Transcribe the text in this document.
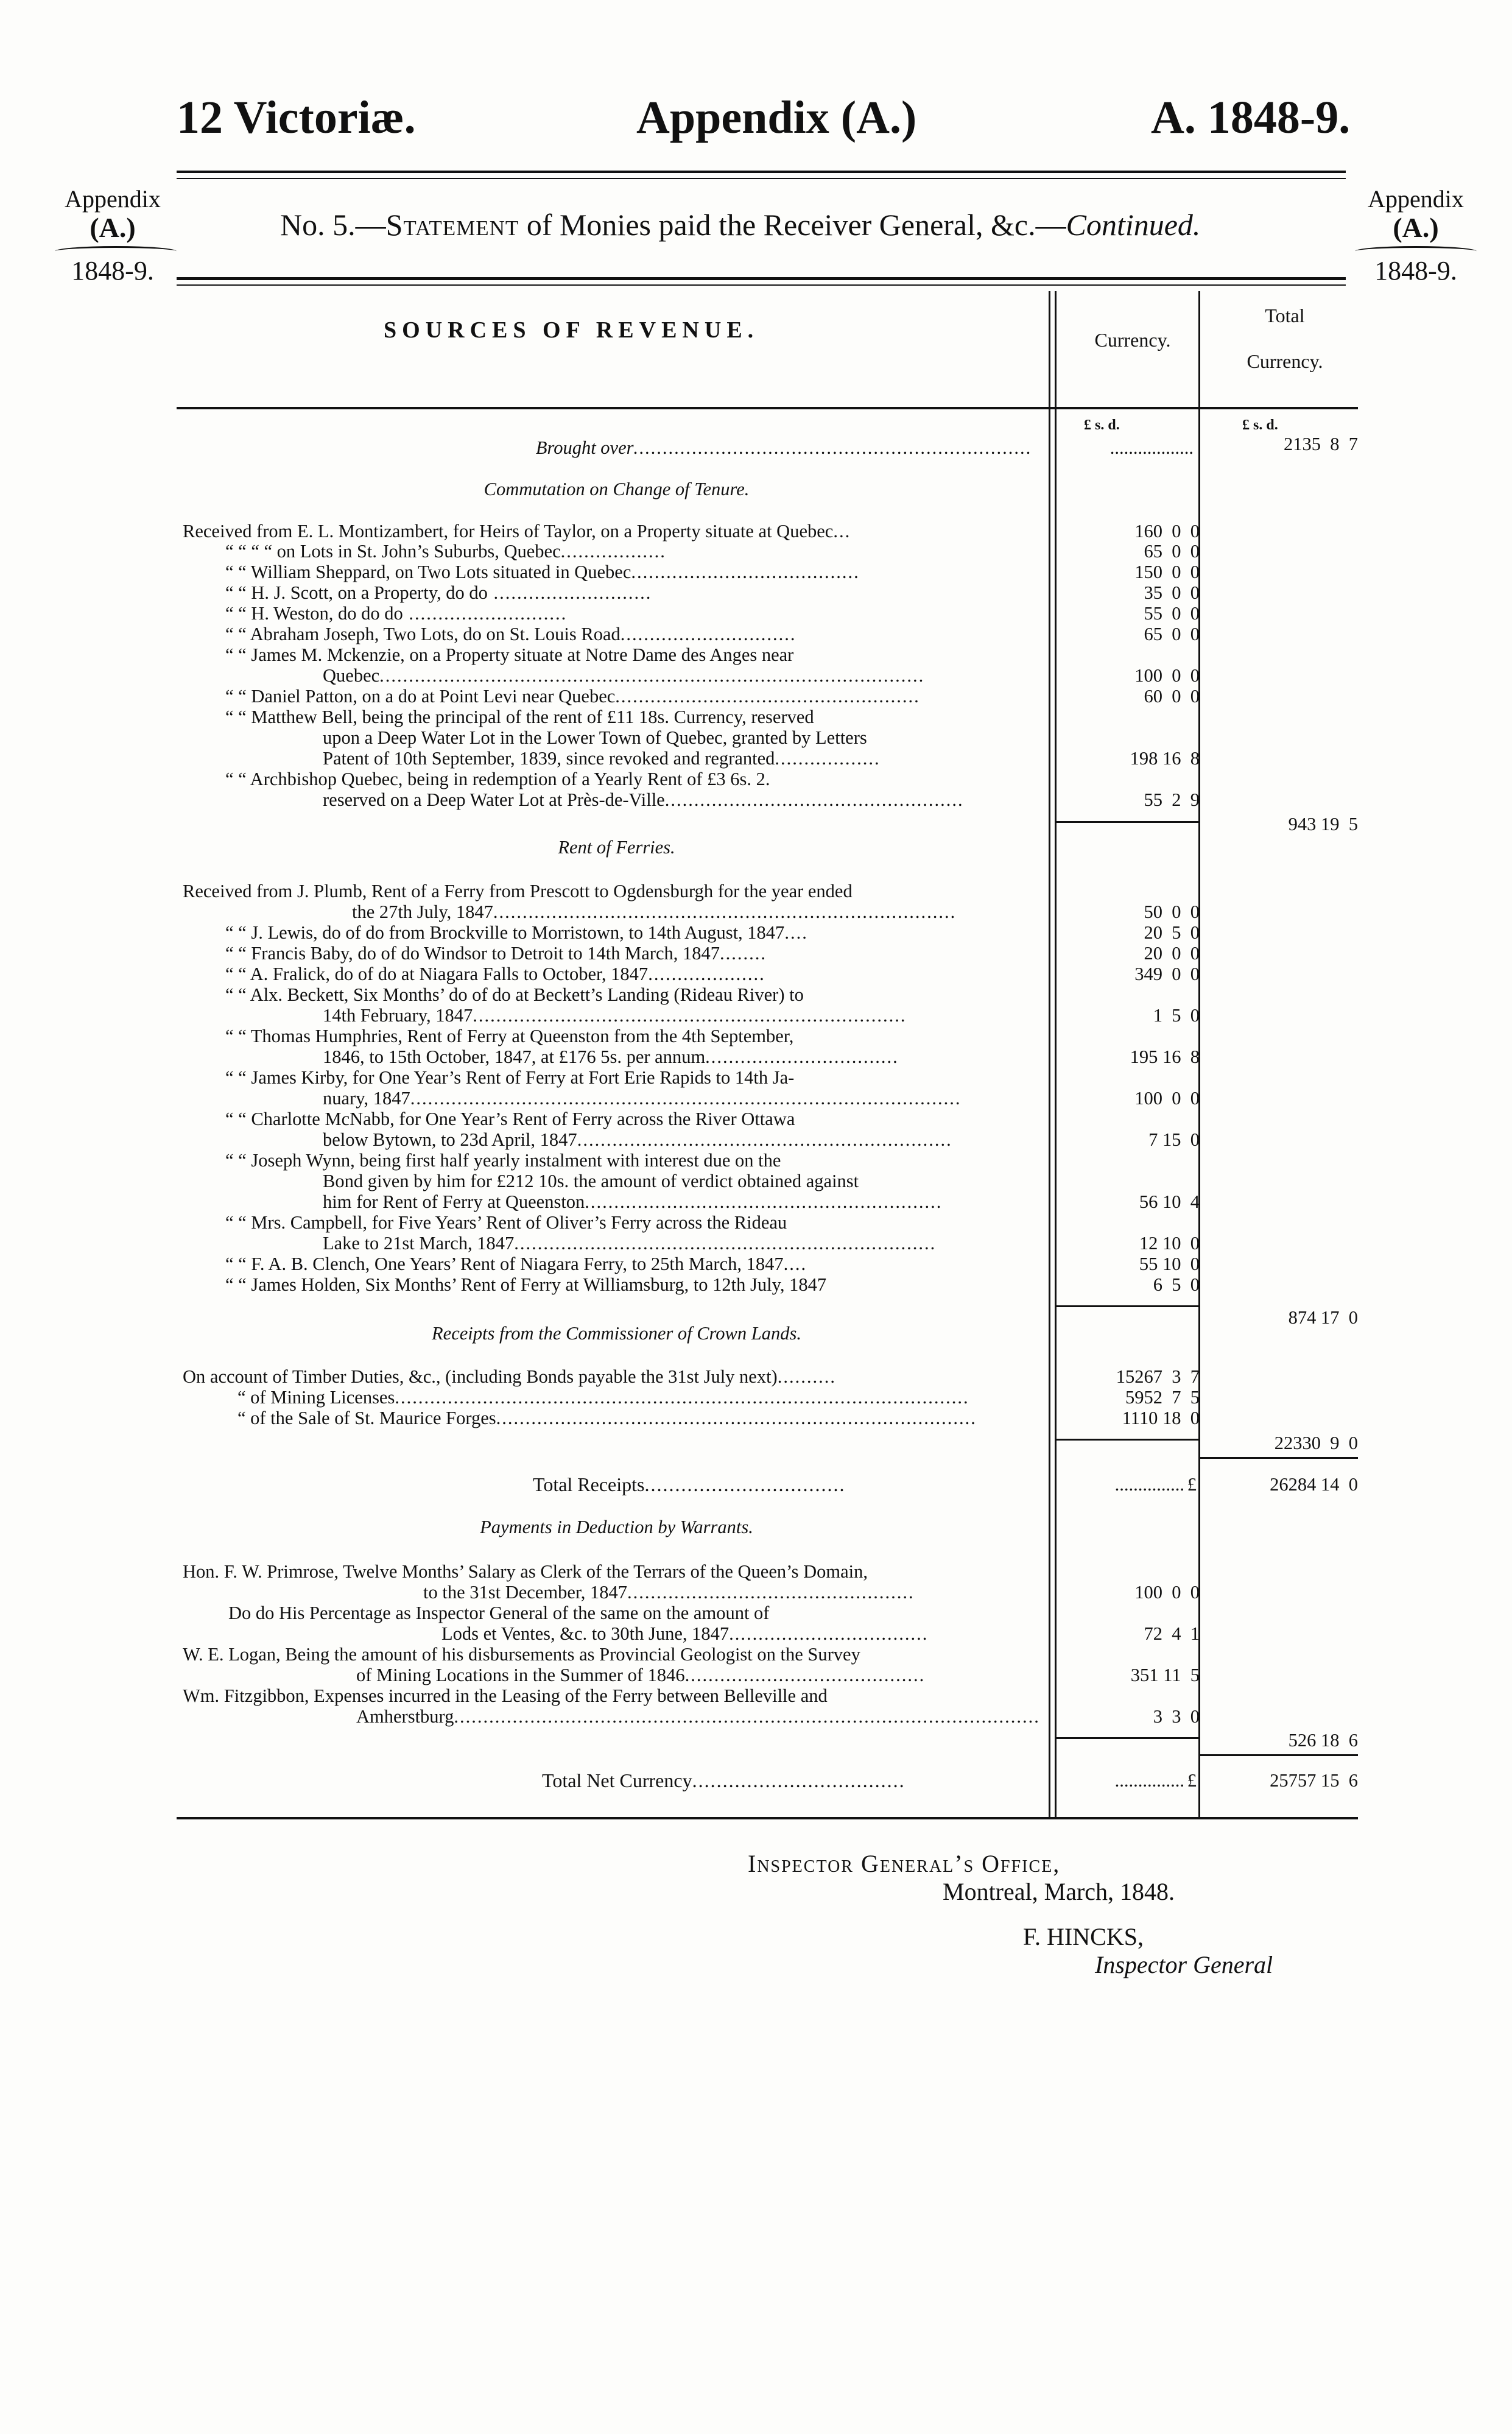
12 Victoriæ.	Appendix (A.)	A. 1848-9.
Appendix
(A.)
1848-9.
Appendix
(A.)
1848-9.
No. 5.—Statement of Monies paid the Receiver General, &c.—Continued.
SOURCES OF REVENUE.	Currency.
Total
Currency.
£ s. d.	£ s. d.
Brought over....................................................................	..................	2135  8  7
Commutation on Change of Tenure.
Received from E. L. Montizambert, for Heirs of Taylor, on a Property situate at Quebec...	160  0  0
“ “ “ “ on Lots in St. John’s Suburbs, Quebec..................	65  0  0
“ “ William Sheppard, on Two Lots situated in Quebec.......................................	150  0  0
“ “ H. J. Scott, on a Property, do do ...........................	35  0  0
“ “ H. Weston, do do do ...........................	55  0  0
“ “ Abraham Joseph, Two Lots, do on St. Louis Road..............................	65  0  0
“ “ James M. Mckenzie, on a Property situate at Notre Dame des Anges near
Quebec.............................................................................................	100  0  0
“ “ Daniel Patton, on a do at Point Levi near Quebec....................................................	60  0  0
“ “ Matthew Bell, being the principal of the rent of £11 18s. Currency, reserved
upon a Deep Water Lot in the Lower Town of Quebec, granted by Letters
Patent of 10th September, 1839, since revoked and regranted..................	198 16  8
“ “ Archbishop Quebec, being in redemption of a Yearly Rent of £3 6s. 2.
reserved on a Deep Water Lot at Près-de-Ville...................................................	55  2  9
943 19  5
Rent of Ferries.
Received from J. Plumb, Rent of a Ferry from Prescott to Ogdensburgh for the year ended
the 27th July, 1847...............................................................................	50  0  0
“ “ J. Lewis, do of do from Brockville to Morristown, to 14th August, 1847....	20  5  0
“ “ Francis Baby, do of do Windsor to Detroit to 14th March, 1847........	20  0  0
“ “ A. Fralick, do of do at Niagara Falls to October, 1847....................	349  0  0
“ “ Alx. Beckett, Six Months’ do of do at Beckett’s Landing (Rideau River) to
14th February, 1847..........................................................................	1  5  0
“ “ Thomas Humphries, Rent of Ferry at Queenston from the 4th September,
1846, to 15th October, 1847, at £176 5s. per annum.................................	195 16  8
“ “ James Kirby, for One Year’s Rent of Ferry at Fort Erie Rapids to 14th Ja-
nuary, 1847..............................................................................................	100  0  0
“ “ Charlotte McNabb, for One Year’s Rent of Ferry across the River Ottawa
below Bytown, to 23d April, 1847................................................................	7 15  0
“ “ Joseph Wynn, being first half yearly instalment with interest due on the
Bond given by him for £212 10s. the amount of verdict obtained against
him for Rent of Ferry at Queenston.............................................................	56 10  4
“ “ Mrs. Campbell, for Five Years’ Rent of Oliver’s Ferry across the Rideau
Lake to 21st March, 1847........................................................................	12 10  0
“ “ F. A. B. Clench, One Years’ Rent of Niagara Ferry, to 25th March, 1847....	55 10  0
“ “ James Holden, Six Months’ Rent of Ferry at Williamsburg, to 12th July, 1847	6  5  0
874 17  0
Receipts from the Commissioner of Crown Lands.
On account of Timber Duties, &c., (including Bonds payable the 31st July next)..........	15267  3  7
“ of Mining Licenses..................................................................................................	5952  7  5
“ of the Sale of St. Maurice Forges..................................................................................	1110 18  0
22330  9  0
Total Receipts.................................	............... £	26284 14  0
Payments in Deduction by Warrants.
Hon. F. W. Primrose, Twelve Months’ Salary as Clerk of the Terrars of the Queen’s Domain,
to the 31st December, 1847.................................................	100  0  0
Do do His Percentage as Inspector General of the same on the amount of
Lods et Ventes, &c. to 30th June, 1847..................................	72  4  1
W. E. Logan, Being the amount of his disbursements as Provincial Geologist on the Survey
of Mining Locations in the Summer of 1846.........................................	351 11  5
Wm. Fitzgibbon, Expenses incurred in the Leasing of the Ferry between Belleville and
Amherstburg....................................................................................................	3  3  0
526 18  6
Total Net Currency...................................	............... £	25757 15  6
Inspector General’s Office,
Montreal, March, 1848.
F. HINCKS,
Inspector General
